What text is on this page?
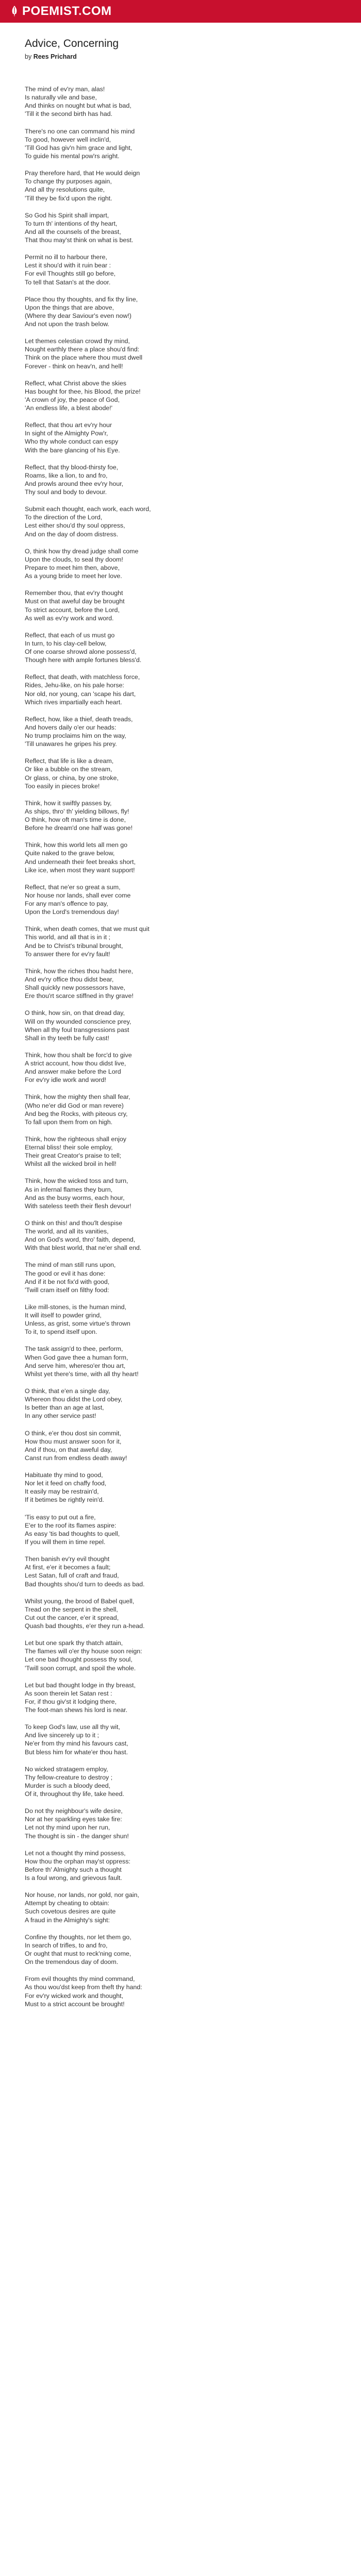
POEMIST.COM
Advice, Concerning
by Rees Prichard
The mind of ev'ry man, alas!
Is naturally vile and base,
And thinks on nought but what is bad,
'Till it the second birth has had.
There's no one can command his mind
To good, however well inclin'd,
'Till God has giv'n him grace and light,
To guide his mental pow'rs aright.
Pray therefore hard, that He would deign
To change thy purposes again,
And all thy resolutions quite,
'Till they be fix'd upon the right.
So God his Spirit shall impart,
To turn th' intentions of thy heart,
And all the counsels of the breast,
That thou may'st think on what is best.
Permit no ill to harbour there,
Lest it shou'd with it ruin bear :
For evil Thoughts still go before,
To tell that Satan's at the door.
Place thou thy thoughts, and fix thy line,
Upon the things that are above,
(Where thy dear Saviour's even now!)
And not upon the trash below.
Let themes celestian crowd thy mind,
Nought earthly there a place shou'd find:
Think on the place where thou must dwell
Forever - think on heav'n, and hell!
Reflect, what Christ above the skies
Has bought for thee, his Blood, the prize!
'A crown of joy, the peace of God,
'An endless life, a blest abode!'
Reflect, that thou art ev'ry hour
In sight of the Almighty Pow'r,
Who thy whole conduct can espy
With the bare glancing of his Eye.
Reflect, that thy blood-thirsty foe,
Roams, like a lion, to and fro,
And prowls around thee ev'ry hour,
Thy soul and body to devour.
Submit each thought, each work, each word,
To the direction of the Lord,
Lest either shou'd thy soul oppress,
And on the day of doom distress.
O, think how thy dread judge shall come
Upon the clouds, to seal thy doom!
Prepare to meet him then, above,
As a young bride to meet her love.
Remember thou, that ev'ry thought
Must on that aweful day be brought
To strict account, before the Lord,
As well as ev'ry work and word.
Reflect, that each of us must go
In turn, to his clay-cell below,
Of one coarse shrowd alone possess'd,
Though here with ample fortunes bless'd.
Reflect, that death, with matchless force,
Rides, Jehu-like, on his pale horse:
Nor old, nor young, can 'scape his dart,
Which rives impartially each heart.
Reflect, how, like a thief, death treads,
And hovers daily o'er our heads:
No trump proclaims him on the way,
'Till unawares he gripes his prey.
Reflect, that life is like a dream,
Or like a bubble on the stream,
Or glass, or china, by one stroke,
Too easily in pieces broke!
Think, how it swiftly passes by,
As ships, thro' th' yielding billows, fly!
O think, how oft man's time is done,
Before he dream'd one half was gone!
Think, how this world lets all men go
Quite naked to the grave below,
And underneath their feet breaks short,
Like ice, when most they want support!
Reflect, that ne'er so great a sum,
Nor house nor lands, shall ever come
For any man's offence to pay,
Upon the Lord's tremendous day!
Think, when death comes, that we must quit
This world, and all that is in it ;
And be to Christ's tribunal brought,
To answer there for ev'ry fault!
Think, how the riches thou hadst here,
And ev'ry office thou didst bear,
Shall quickly new possessors have,
Ere thou'rt scarce stiffned in thy grave!
O think, how sin, on that dread day,
Will on thy wounded conscience prey,
When all thy foul transgressions past
Shall in thy teeth be fully cast!
Think, how thou shalt be forc'd to give
A strict account, how thou didst live,
And answer make before the Lord
For ev'ry idle work and word!
Think, how the mighty then shall fear,
(Who ne'er did God or man revere)
And beg the Rocks, with piteous cry,
To fall upon them from on high.
Think, how the righteous shall enjoy
Eternal bliss! their sole employ,
Their great Creator's praise to tell;
Whilst all the wicked broil in hell!
Think, how the wicked toss and turn,
As in infernal flames they burn,
And as the busy worms, each hour,
With sateless teeth their flesh devour!
O think on this! and thou'lt despise
The world, and all its vanities,
And on God's word, thro' faith, depend,
With that blest world, that ne'er shall end.
The mind of man still runs upon,
The good or evil it has done:
And if it be not fix'd with good,
'Twill cram itself on filthy food:
Like mill-stones, is the human mind,
It will itself to powder grind,
Unless, as grist, some virtue's thrown
To it, to spend itself upon.
The task assign'd to thee, perform,
When God gave thee a human form,
And serve him, whereso'er thou art,
Whilst yet there's time, with all thy heart!
O think, that e'en a single day,
Whereon thou didst the Lord obey,
Is better than an age at last,
In any other service past!
O think, e'er thou dost sin commit,
How thou must answer soon for it,
And if thou, on that aweful day,
Canst run from endless death away!
Habituate thy mind to good,
Nor let it feed on chaffy food,
It easily may be restrain'd,
If it betimes be rightly rein'd.
'Tis easy to put out a fire,
E'er to the roof its flames aspire:
As easy 'tis bad thoughts to quell,
If you will them in time repel.
Then banish ev'ry evil thought
At first, e'er it becomes a fault;
Lest Satan, full of craft and fraud,
Bad thoughts shou'd turn to deeds as bad.
Whilst young, the brood of Babel quell,
Tread on the serpent in the shell,
Cut out the cancer, e'er it spread,
Quash bad thoughts, e'er they run a-head.
Let but one spark thy thatch attain,
The flames will o'er thy house soon reign:
Let one bad thought possess thy soul,
'Twill soon corrupt, and spoil the whole.
Let but bad thought lodge in thy breast,
As soon therein let Satan rest :
For, if thou giv'st it lodging there,
The foot-man shews his lord is near.
To keep God's law, use all thy wit,
And live sincerely up to it ;
Ne'er from thy mind his favours cast,
But bless him for whate'er thou hast.
No wicked stratagem employ,
Thy fellow-creature to destroy ;
Murder is such a bloody deed,
Of it, throughout thy life, take heed.
Do not thy neighbour's wife desire,
Nor at her sparkling eyes take fire:
Let not thy mind upon her run,
The thought is sin - the danger shun!
Let not a thought thy mind possess,
How thou the orphan may'st oppress:
Before th' Almighty such a thought
Is a foul wrong, and grievous fault.
Nor house, nor lands, nor gold, nor gain,
Attempt by cheating to obtain:
Such covetous desires are quite
A fraud in the Almighty's sight:
Confine thy thoughts, nor let them go,
In search of trifles, to and fro,
Or ought that must to reck'ning come,
On the tremendous day of doom.
From evil thoughts thy mind command,
As thou wou'dst keep from theft thy hand:
For ev'ry wicked work and thought,
Must to a strict account be brought!
